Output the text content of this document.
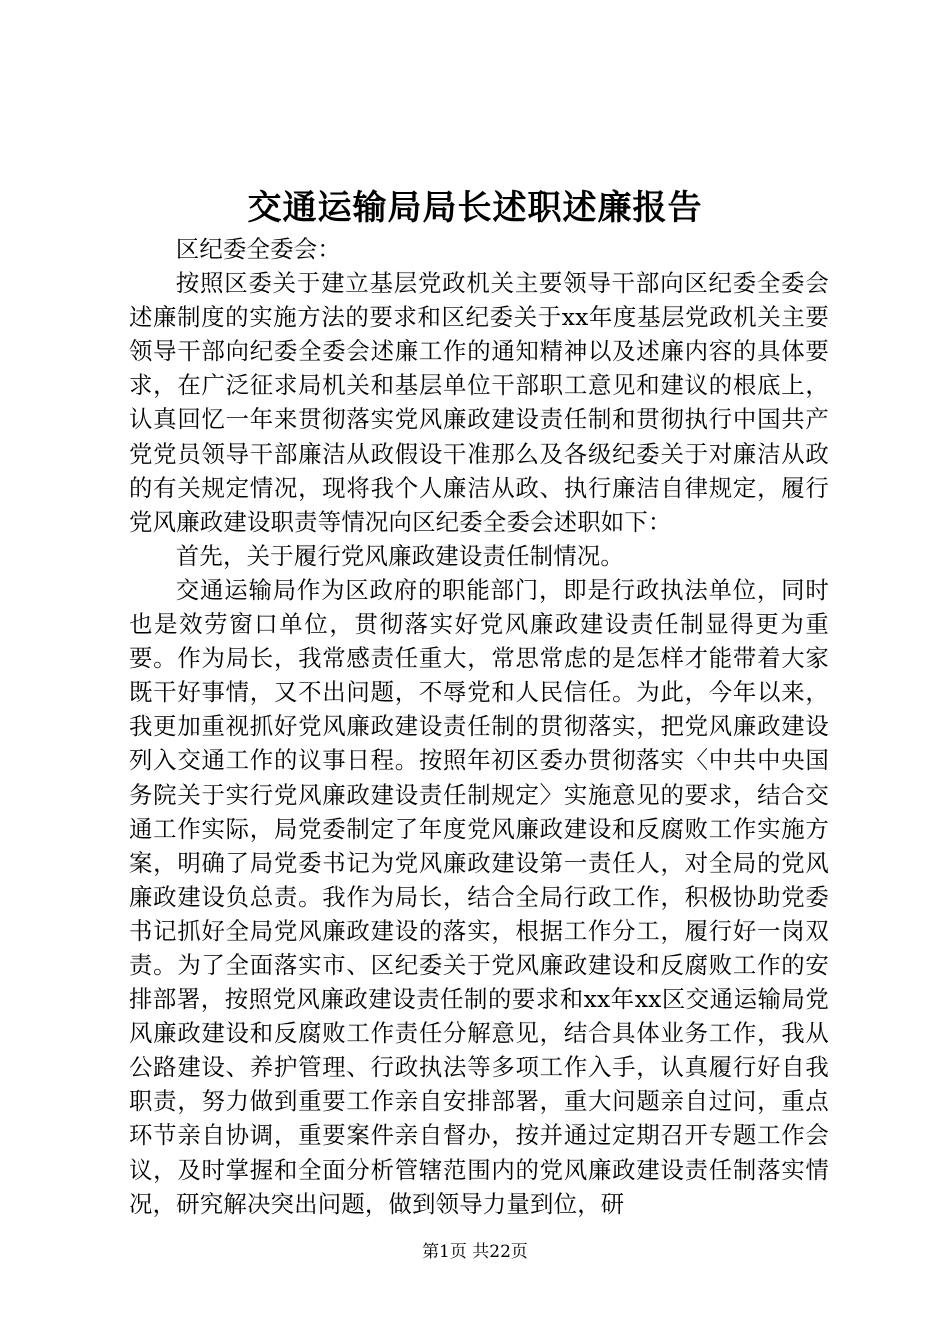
交通运输局局长述职述廉报告

区纪委全委会：

按照区委关于建立基层党政机关主要领导干部向区纪委全委会述廉制度的实施方法的要求和区纪委关于xx年度基层党政机关主要领导干部向纪委全委会述廉工作的通知精神以及述廉内容的具体要求，在广泛征求局机关和基层单位干部职工意见和建议的根底上，认真回忆一年来贯彻落实党风廉政建设责任制和贯彻执行中国共产党党员领导干部廉洁从政假设干准那么及各级纪委关于对廉洁从政的有关规定情况，现将我个人廉洁从政、执行廉洁自律规定，履行党风廉政建设职责等情况向区纪委全委会述职如下：

首先，关于履行党风廉政建设责任制情况。

交通运输局作为区政府的职能部门，即是行政执法单位，同时也是效劳窗口单位，贯彻落实好党风廉政建设责任制显得更为重要。作为局长，我常感责任重大，常思常虑的是怎样才能带着大家既干好事情，又不出问题，不辱党和人民信任。为此，今年以来，我更加重视抓好党风廉政建设责任制的贯彻落实，把党风廉政建设列入交通工作的议事日程。按照年初区委办贯彻落实〈中共中央国务院关于实行党风廉政建设责任制规定〉实施意见的要求，结合交通工作实际，局党委制定了年度党风廉政建设和反腐败工作实施方案，明确了局党委书记为党风廉政建设第一责任人，对全局的党风廉政建设负总责。我作为局长，结合全局行政工作，积极协助党委书记抓好全局党风廉政建设的落实，根据工作分工，履行好一岗双责。为了全面落实市、区纪委关于党风廉政建设和反腐败工作的安排部署，按照党风廉政建设责任制的要求和xx年xx区交通运输局党风廉政建设和反腐败工作责任分解意见，结合具体业务工作，我从公路建设、养护管理、行政执法等多项工作入手，认真履行好自我职责，努力做到重要工作亲自安排部署，重大问题亲自过问，重点环节亲自协调，重要案件亲自督办，按并通过定期召开专题工作会议，及时掌握和全面分析管辖范围内的党风廉政建设责任制落实情况，研究解决突出问题，做到领导力量到位，研

第1页 共22页
